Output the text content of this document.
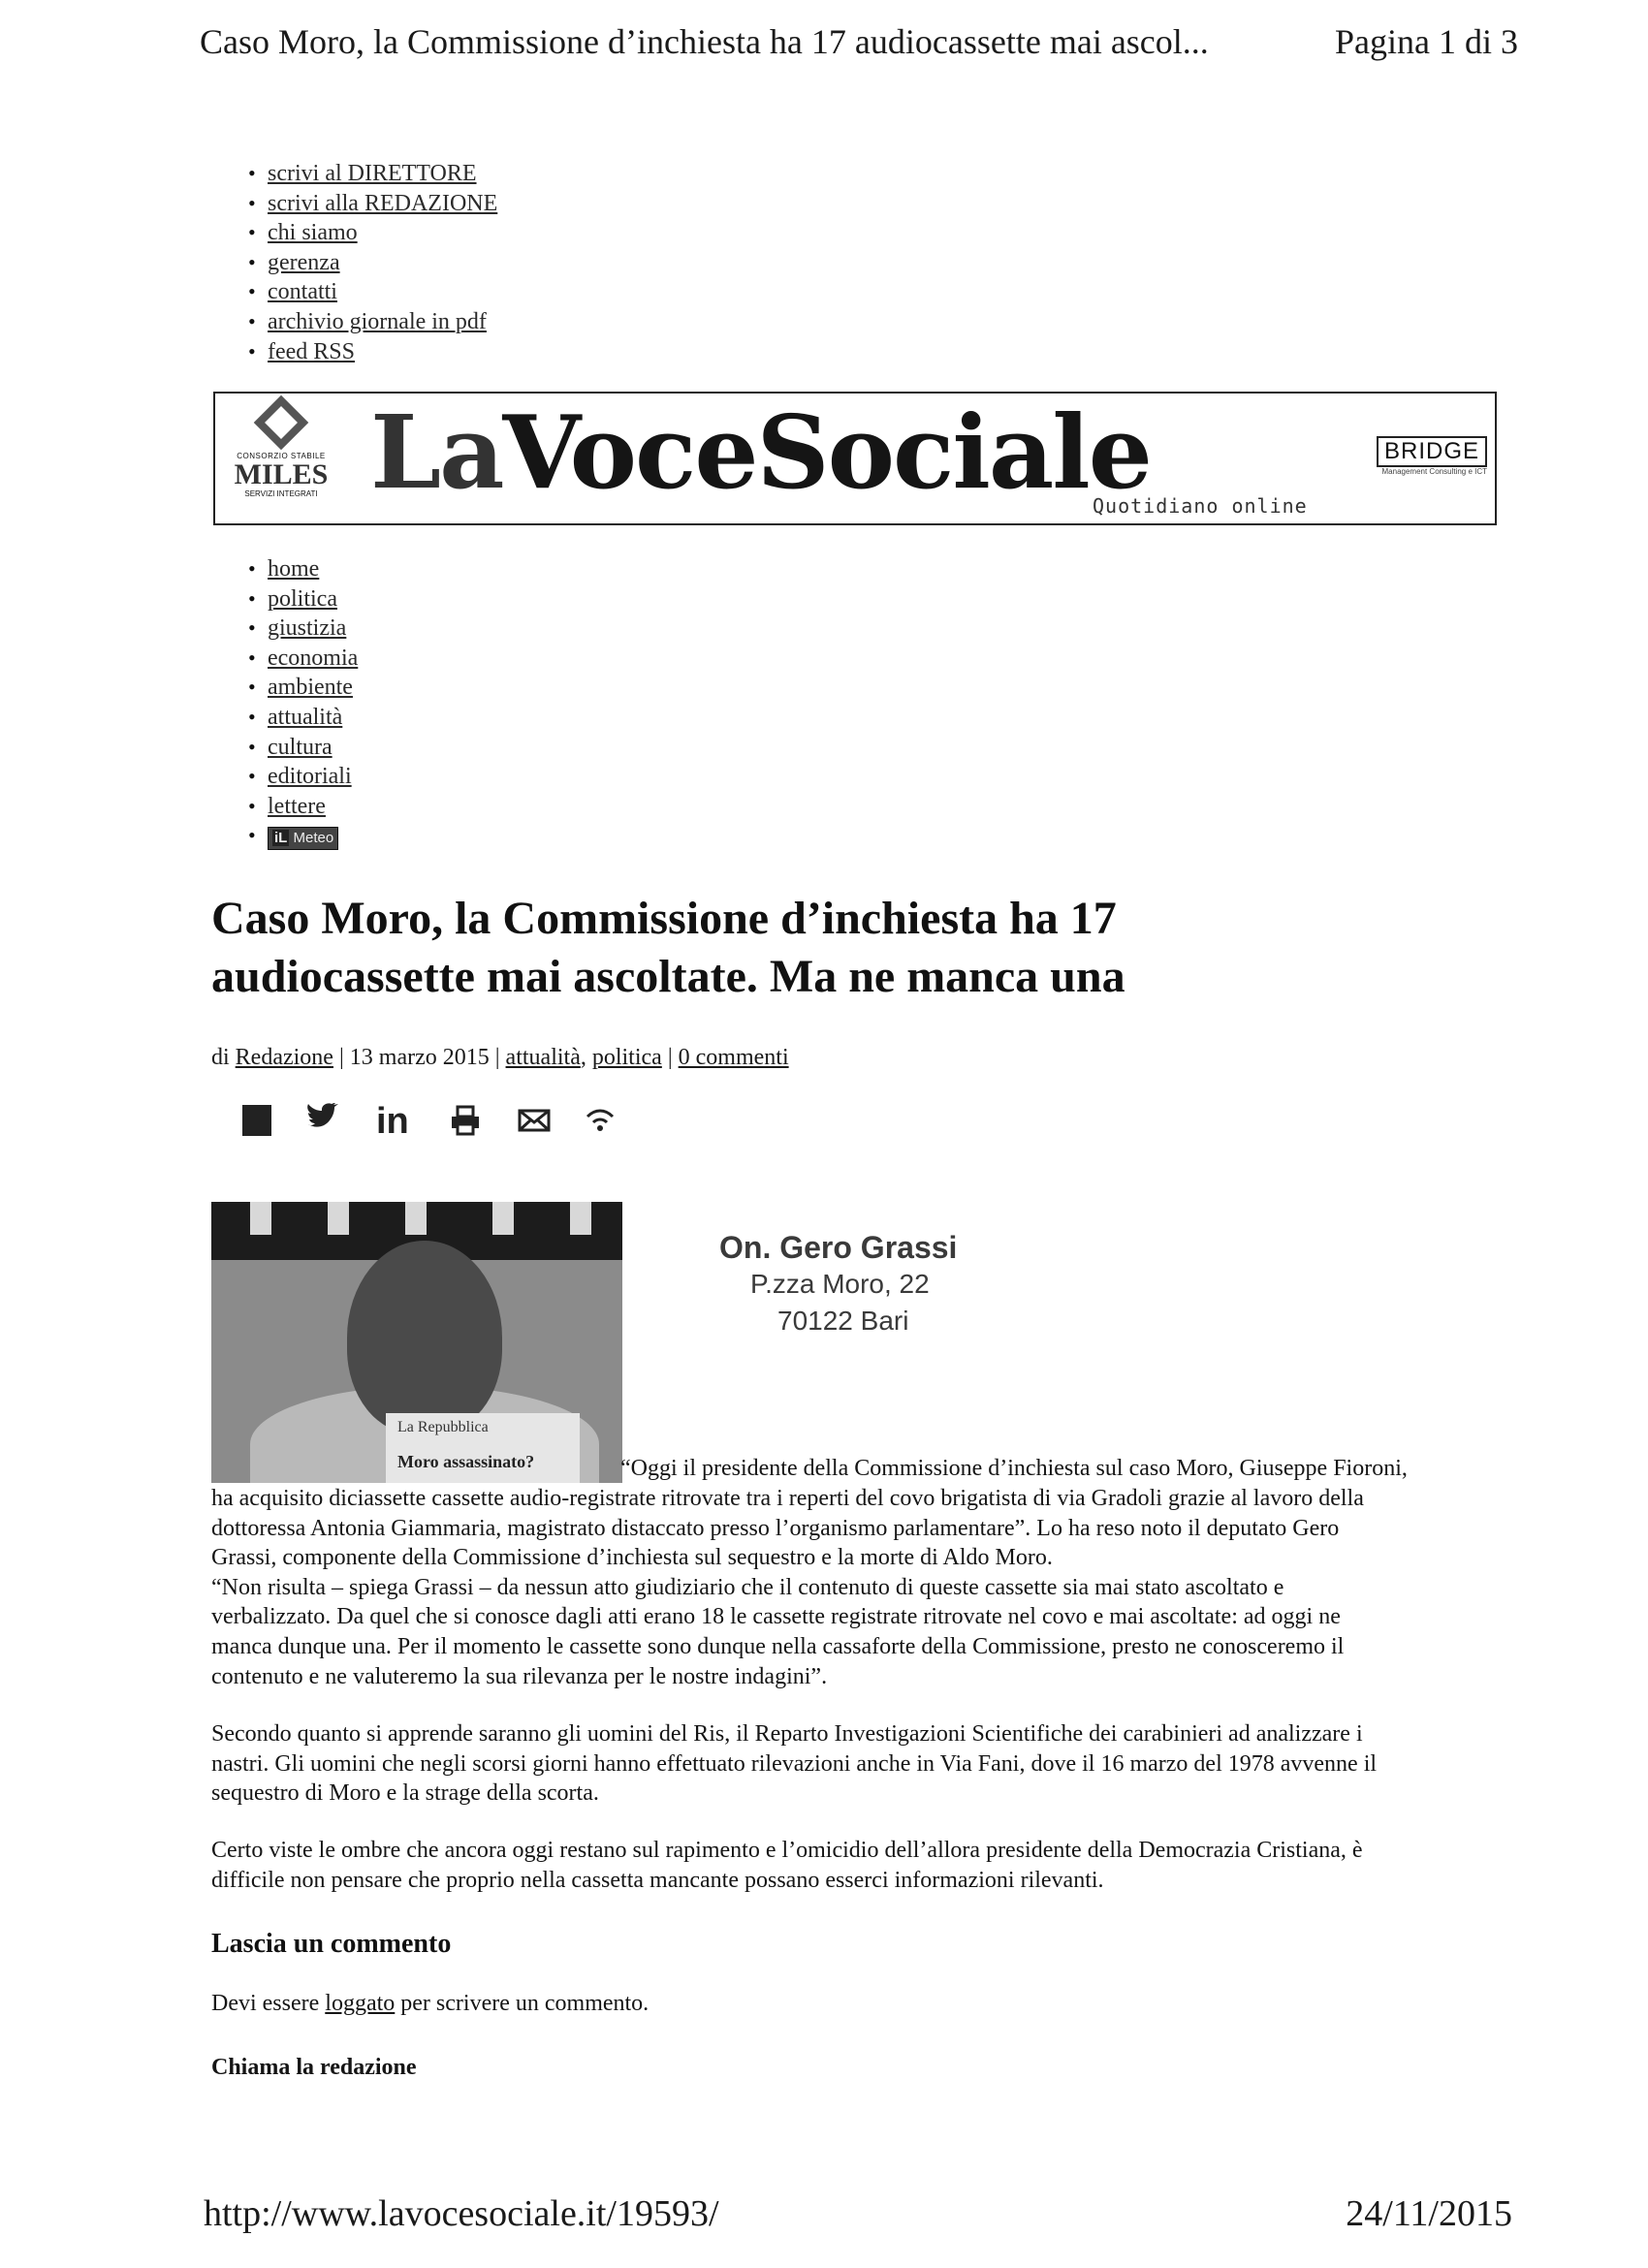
Caso Moro, la Commissione d’inchiesta ha 17 audiocassette mai ascol...	Pagina 1 di 3
• scrivi al DIRETTORE
• scrivi alla REDAZIONE
• chi siamo
• gerenza
• contatti
• archivio giornale in pdf
• feed RSS
CONSORZIO STABILE
MILES
SERVIZI INTEGRATI LaVoceSociale
Quotidiano online
BRIDGE
Management Consulting e ICT
• home
• politica
• giustizia
• economia
• ambiente
• attualità
• cultura
• editoriali
• lettere
• iL Meteo
Caso Moro, la Commissione d’inchiesta ha 17 audiocassette mai ascoltate. Ma ne manca una
di Redazione | 13 marzo 2015 | attualità, politica | 0 commenti
in
La Repubblica
Moro assassinato?
On. Gero Grassi
P.zza Moro, 22
70122 Bari
“Oggi il presidente della Commissione d’inchiesta sul caso Moro, Giuseppe Fioroni,

ha acquisito diciassette cassette audio-registrate ritrovate tra i reperti del covo brigatista di via Gradoli grazie al lavoro della

dottoressa Antonia Giammaria, magistrato distaccato presso l’organismo parlamentare”. Lo ha reso noto il deputato Gero

Grassi, componente della Commissione d’inchiesta sul sequestro e la morte di Aldo Moro.

“Non risulta – spiega Grassi – da nessun atto giudiziario che il contenuto di queste cassette sia mai stato ascoltato e

verbalizzato. Da quel che si conosce dagli atti erano 18 le cassette registrate ritrovate nel covo e mai ascoltate: ad oggi ne

manca dunque una. Per il momento le cassette sono dunque nella cassaforte della Commissione, presto ne conosceremo il

contenuto e ne valuteremo la sua rilevanza per le nostre indagini”.

Secondo quanto si apprende saranno gli uomini del Ris, il Reparto Investigazioni Scientifiche dei carabinieri ad analizzare i

nastri. Gli uomini che negli scorsi giorni hanno effettuato rilevazioni anche in Via Fani, dove il 16 marzo del 1978 avvenne il

sequestro di Moro e la strage della scorta.

Certo viste le ombre che ancora oggi restano sul rapimento e l’omicidio dell’allora presidente della Democrazia Cristiana, è

difficile non pensare che proprio nella cassetta mancante possano esserci informazioni rilevanti.

Lascia un commento
Devi essere loggato per scrivere un commento.
Chiama la redazione
http://www.lavocesociale.it/19593/	24/11/2015
